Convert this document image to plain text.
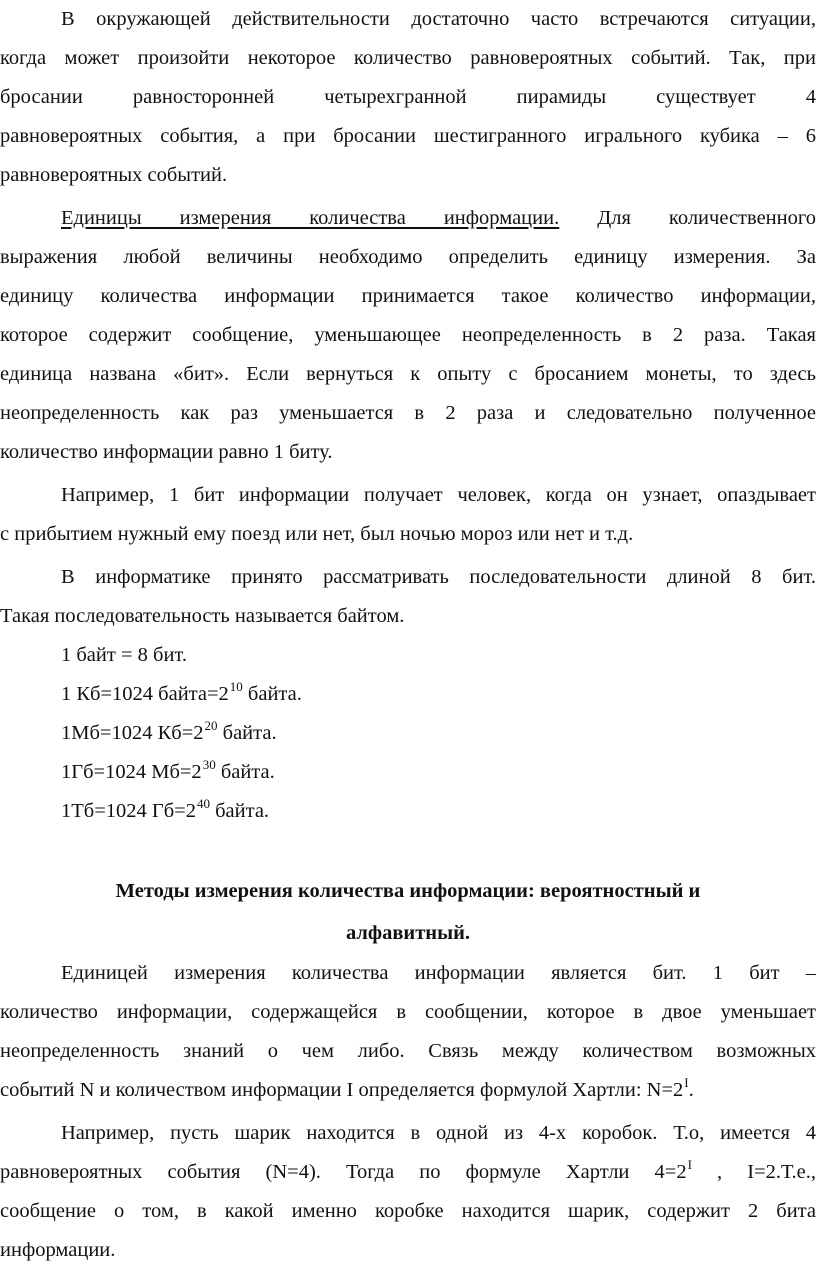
В окружающей действительности достаточно часто встречаются ситуации,
когда может произойти некоторое количество равновероятных событий. Так, при
бросании равносторонней четырехгранной пирамиды существует 4
равновероятных события, а при бросании шестигранного игрального кубика – 6
равновероятных событий.
Единицы измерения количества информации. Для количественного
выражения любой величины необходимо определить единицу измерения. За
единицу количества информации принимается такое количество информации,
которое содержит сообщение, уменьшающее неопределенность в 2 раза. Такая
единица названа «бит». Если вернуться к опыту с бросанием монеты, то здесь
неопределенность как раз уменьшается в 2 раза и следовательно полученное
количество информации равно 1 биту.
Например, 1 бит информации получает человек, когда он узнает, опаздывает
с прибытием нужный ему поезд или нет, был ночью мороз или нет и т.д.
В информатике принято рассматривать последовательности длиной 8 бит.
Такая последовательность называется байтом.
1 байт = 8 бит.
1 Кб=1024 $байта=2^{10}$ байта.
1Мб=1024 $Кб=2^{20}$ байта.
1Гб=1024 $Мб=2^{30}$ байта.
1Тб=1024 $Гб=2^{40}$ байта.
Методы измерения количества информации: вероятностный и
алфавитный.
Единицей измерения количества информации является бит. 1 бит –
количество информации, содержащейся в сообщении, которое в двое уменьшает
неопределенность знаний о чем либо. Связь между количеством возможных
событий N и количеством информации I определяется формулой Хартли: $N=2^I$.
Например, пусть шарик находится в одной из 4-х коробок. Т.о, имеется 4
равновероятных события (N=4). Тогда по формуле Хартли $4=2^I$ , I=2.Т.е.,
сообщение о том, в какой именно коробке находится шарик, содержит 2 бита
информации.
